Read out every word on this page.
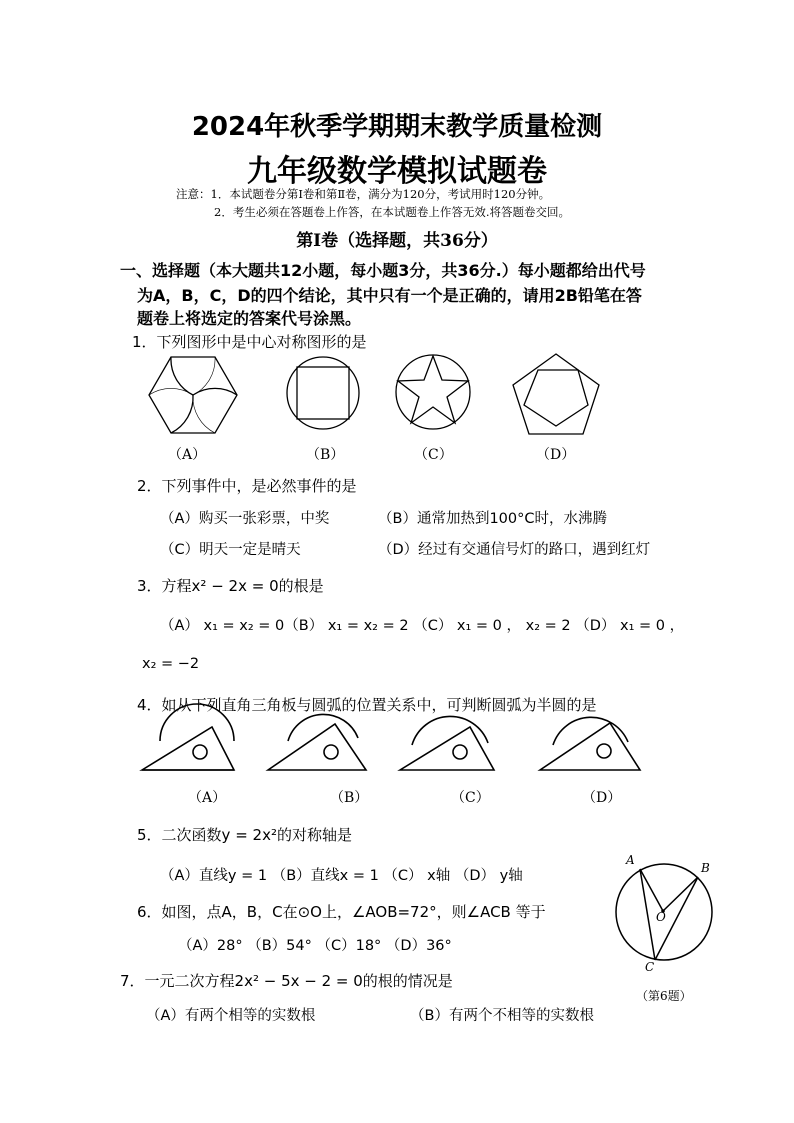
2024年秋季学期期末教学质量检测
九年级数学模拟试题卷
注意：1．本试题卷分第Ⅰ卷和第Ⅱ卷，满分为120分，考试用时120分钟。
2．考生必须在答题卷上作答，在本试题卷上作答无效.将答题卷交回。
第Ⅰ卷（选择题，共36分）
一、选择题（本大题共12小题，每小题3分，共36分.）每小题都给出代号
为A，B，C，D的四个结论，其中只有一个是正确的，请用2B铅笔在答
题卷上将选定的答案代号涂黑。
1．下列图形中是中心对称图形的是
（A）	（B）	（C）	（D）
2．下列事件中，是必然事件的是
（A）购买一张彩票，中奖	（B）通常加热到100°C时，水沸腾
（C）明天一定是晴天	（D）经过有交通信号灯的路口，遇到红灯
3．方程x² − 2x = 0的根是
（A） x₁ = x₂ = 0（B） x₁ = x₂ = 2 （C） x₁ = 0 ， x₂ = 2 （D） x₁ = 0 ，
x₂ = −2
4．如从下列直角三角板与圆弧的位置关系中，可判断圆弧为半圆的是
（A）	（B）	（C）	（D）
5．二次函数y = 2x²的对称轴是
（A）直线y = 1 （B）直线x = 1 （C） x轴 （D） y轴
6．如图，点A，B，C在⊙O上，∠AOB=72°，则∠ACB 等于
（A）28° （B）54° （C）18° （D）36°
A
B
O
C
（第6题）
7．一元二次方程2x² − 5x − 2 = 0的根的情况是
（A）有两个相等的实数根	（B）有两个不相等的实数根
